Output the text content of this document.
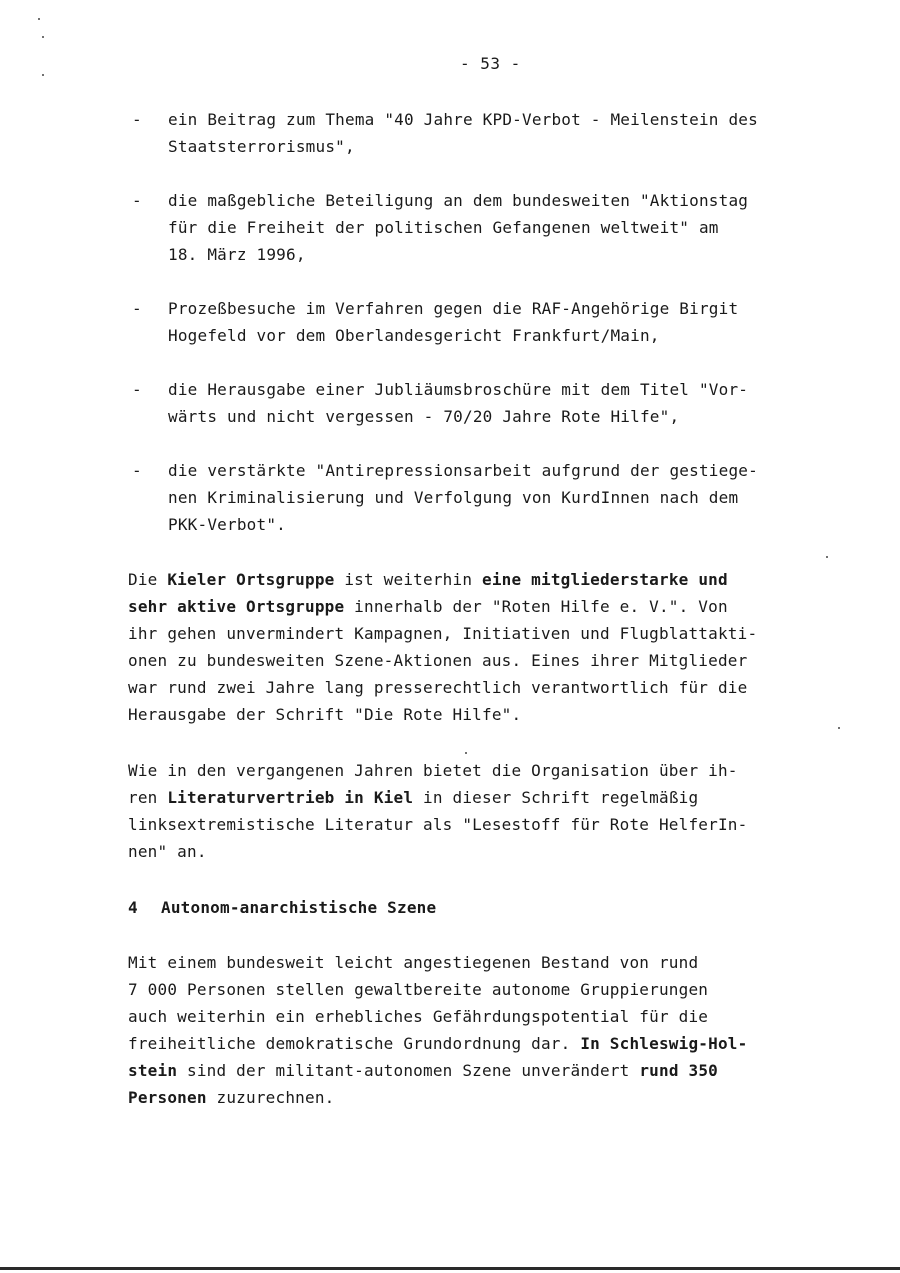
- 53 -
- ein Beitrag zum Thema "40 Jahre KPD-Verbot - Meilenstein des
Staatsterrorismus",
- die maßgebliche Beteiligung an dem bundesweiten "Aktionstag
für die Freiheit der politischen Gefangenen weltweit" am
18. März 1996,
- Prozeßbesuche im Verfahren gegen die RAF-Angehörige Birgit
Hogefeld vor dem Oberlandesgericht Frankfurt/Main,
- die Herausgabe einer Jubliäumsbroschüre mit dem Titel "Vor-
wärts und nicht vergessen - 70/20 Jahre Rote Hilfe",
- die verstärkte "Antirepressionsarbeit aufgrund der gestiege-
nen Kriminalisierung und Verfolgung von KurdInnen nach dem
PKK-Verbot".

Die Kieler Ortsgruppe ist weiterhin eine mitgliederstarke und
sehr aktive Ortsgruppe innerhalb der "Roten Hilfe e. V.". Von
ihr gehen unvermindert Kampagnen, Initiativen und Flugblattakti-
onen zu bundesweiten Szene-Aktionen aus. Eines ihrer Mitglieder
war rund zwei Jahre lang presserechtlich verantwortlich für die
Herausgabe der Schrift "Die Rote Hilfe".

Wie in den vergangenen Jahren bietet die Organisation über ih-
ren Literaturvertrieb in Kiel in dieser Schrift regelmäßig
linksextremistische Literatur als "Lesestoff für Rote HelferIn-
nen" an.

4 Autonom-anarchistische Szene

Mit einem bundesweit leicht angestiegenen Bestand von rund
7 000 Personen stellen gewaltbereite autonome Gruppierungen
auch weiterhin ein erhebliches Gefährdungspotential für die
freiheitliche demokratische Grundordnung dar. In Schleswig-Hol-
stein sind der militant-autonomen Szene unverändert rund 350
Personen zuzurechnen.
